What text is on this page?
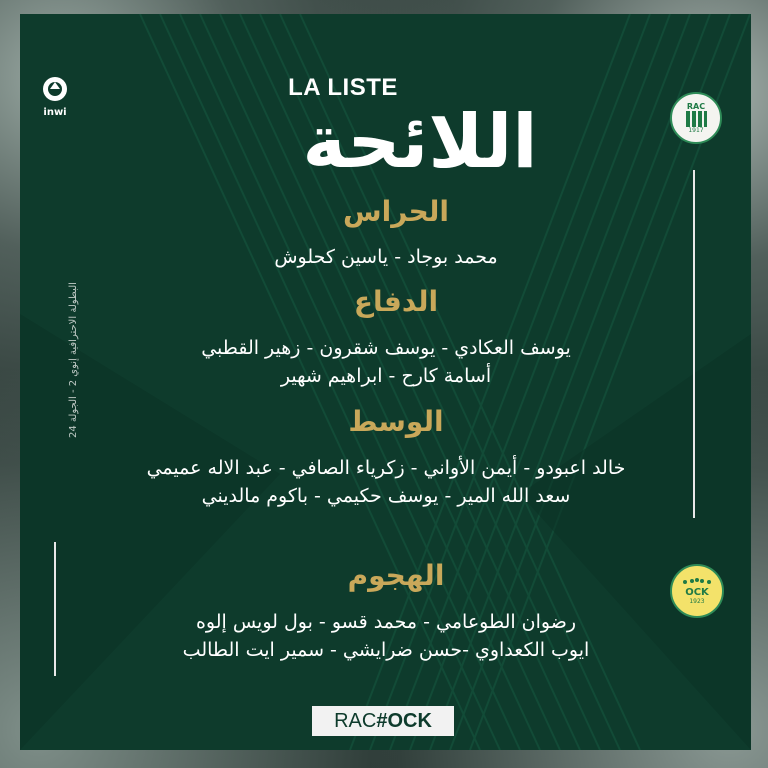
inwi
البطولة الاحترافية إنوي 2 - الجولة 24
RAC
1917
OCK
1923
LA LISTE
اللائحة
الحراس
محمد بوجاد - ياسين كحلوش
الدفاع
يوسف العكادي - يوسف شقرون - زهير القطبي
أسامة كارح - ابراهيم شهير
الوسط
خالد اعبودو - أيمن الأواني - زكرياء الصافي - عبد الاله عميمي
سعد الله المير - يوسف حكيمي - باكوم مالديني
الهجوم
رضوان الطوعامي - محمد قسو - بول لويس إلوه
ايوب الكعداوي -حسن ضرايشي - سمير ايت الطالب
RAC #OCK
